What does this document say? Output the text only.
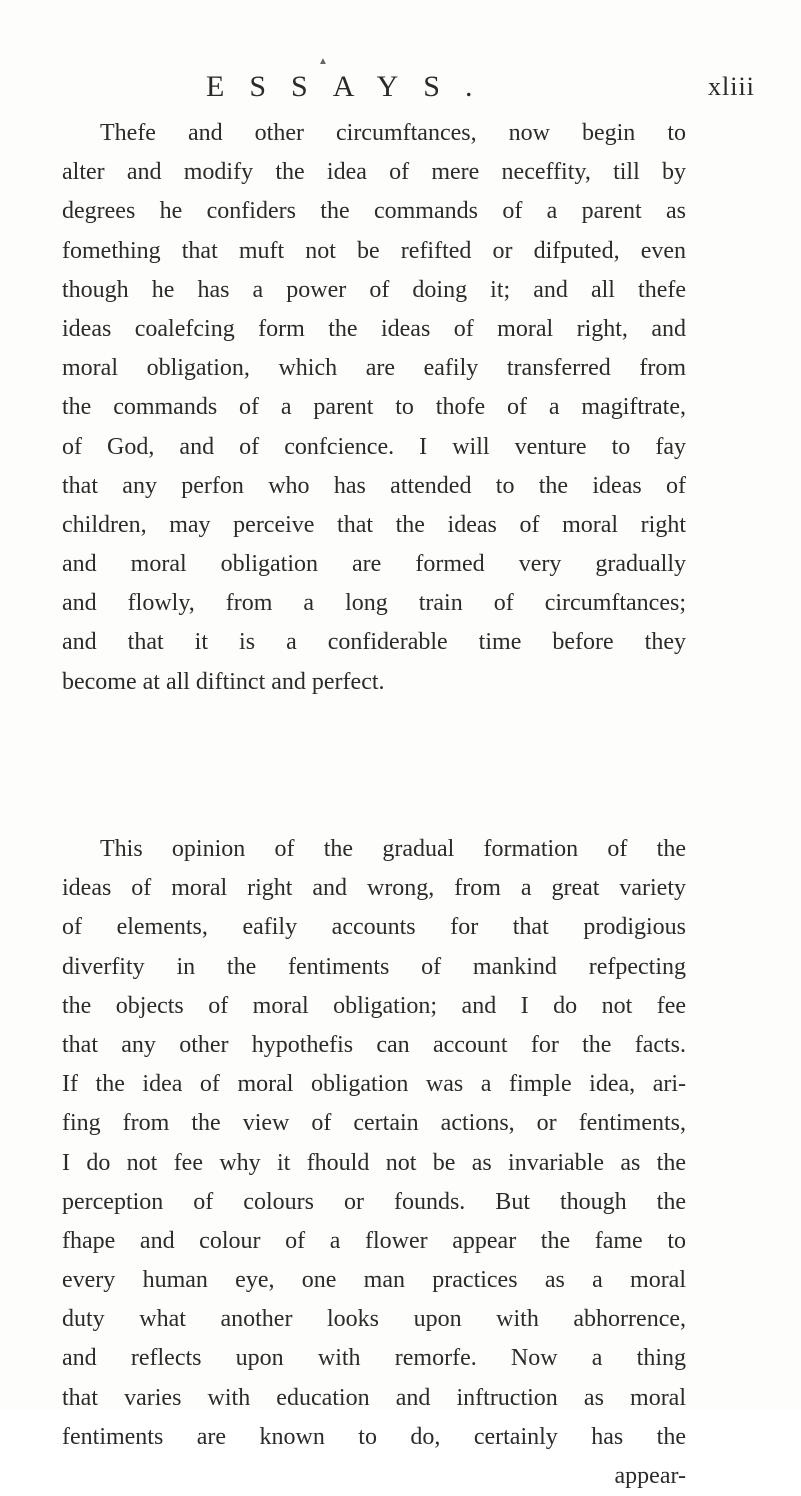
▲
ESSAYS.	xliii
Thefe and other circumftances, now begin to
alter and modify the idea of mere neceffity, till by
degrees he confiders the commands of a parent as
fomething that muft not be refifted or difputed, even
though he has a power of doing it; and all thefe
ideas coalefcing form the ideas of moral right, and
moral obligation, which are eafily transferred from
the commands of a parent to thofe of a magiftrate,
of God, and of confcience. I will venture to fay
that any perfon who has attended to the ideas of
children, may perceive that the ideas of moral right
and moral obligation are formed very gradually
and flowly, from a long train of circumftances;
and that it is a confiderable time before they
become at all diftinct and perfect.
This opinion of the gradual formation of the
ideas of moral right and wrong, from a great variety
of elements, eafily accounts for that prodigious
diverfity in the fentiments of mankind refpecting
the objects of moral obligation; and I do not fee
that any other hypothefis can account for the facts.
If the idea of moral obligation was a fimple idea, ari-
fing from the view of certain actions, or fentiments,
I do not fee why it fhould not be as invariable as the
perception of colours or founds. But though the
fhape and colour of a flower appear the fame to
every human eye, one man practices as a moral
duty what another looks upon with abhorrence,
and reflects upon with remorfe. Now a thing
that varies with education and inftruction as moral
fentiments are known to do, certainly has the
appear-
